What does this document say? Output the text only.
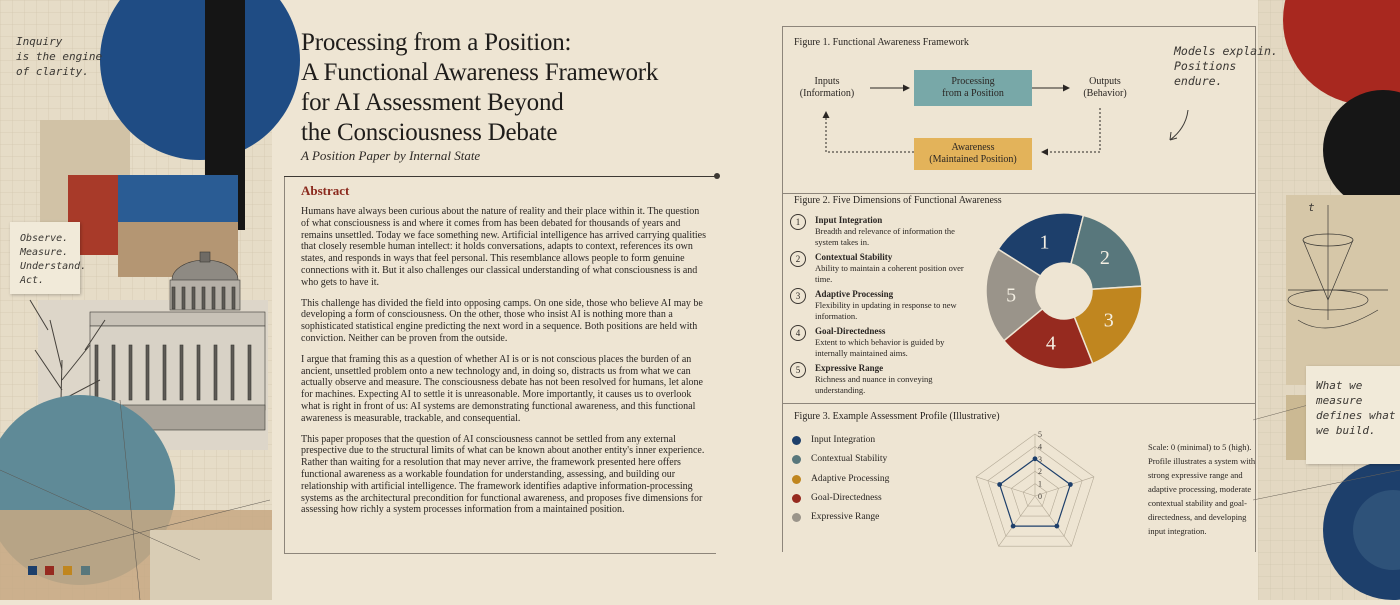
Inquiry
is the engine
of clarity.
Observe.
Measure.
Understand.
Act.
Processing from a Position:
A Functional Awareness Framework
for AI Assessment Beyond
the Consciousness Debate
A Position Paper by Internal State
Abstract

Humans have always been curious about the nature of reality and their place within it. The question of what consciousness is and where it comes from has been debated for thousands of years and remains unsettled. Today we face something new. Artificial intelligence has arrived carrying qualities that closely resemble human intellect: it holds conversations, adapts to context, references its own states, and responds in ways that feel personal. This resemblance allows people to form genuine connections with it. But it also challenges our classical understanding of what consciousness is and who gets to have it.

This challenge has divided the field into opposing camps. On one side, those who believe AI may be developing a form of consciousness. On the other, those who insist AI is nothing more than a sophisticated statistical engine predicting the next word in a sequence. Both positions are held with conviction. Neither can be proven from the outside.

I argue that framing this as a question of whether AI is or is not conscious places the burden of an ancient, unsettled problem onto a new technology and, in doing so, distracts us from what we can actually observe and measure. The consciousness debate has not been resolved for humans, let alone for machines. Expecting AI to settle it is unreasonable. More importantly, it causes us to overlook what is right in front of us: AI systems are demonstrating functional awareness, and this functional awareness is measurable, trackable, and consequential.

This paper proposes that the question of AI consciousness cannot be settled from any external prespective due to the structural limits of what can be known about another entity's inner experience. Rather than waiting for a resolution that may never arrive, the framework presented here offers functional awareness as a workable foundation for understanding, assessing, and building our relationship with artificial intelligence. The framework identifies adaptive information-processing systems as the architectural precondition for functional awareness, and proposes five dimensions for assessing how richly a system processes information from a maintained position.

Figure 1. Functional Awareness Framework
Inputs
(Information)
Processing
from a Position
Outputs
(Behavior)
Awareness
(Maintained Position)
Figure 2. Five Dimensions of Functional Awareness
1	Input Integration
Breadth and relevance of information the system takes in.
2	Contextual Stability
Ability to maintain a coherent position over time.
3	Adaptive Processing
Flexibility in updating in response to new information.
4	Goal-Directedness
Extent to which behavior is guided by internally maintained aims.
5	Expressive Range
Richness and nuance in conveying understanding.
1
2
3
4
5
Figure 3. Example Assessment Profile (Illustrative)
Input Integration
Contextual Stability
Adaptive Processing
Goal-Directedness
Expressive Range
0
1
2
3
4
5
Scale: 0 (minimal) to 5 (high). Profile illustrates a system with strong expressive range and adaptive processing, moderate contextual stability and goal-directedness, and developing input integration.
Models explain.
Positions
endure.
t
What we
measure
defines what
we build.
